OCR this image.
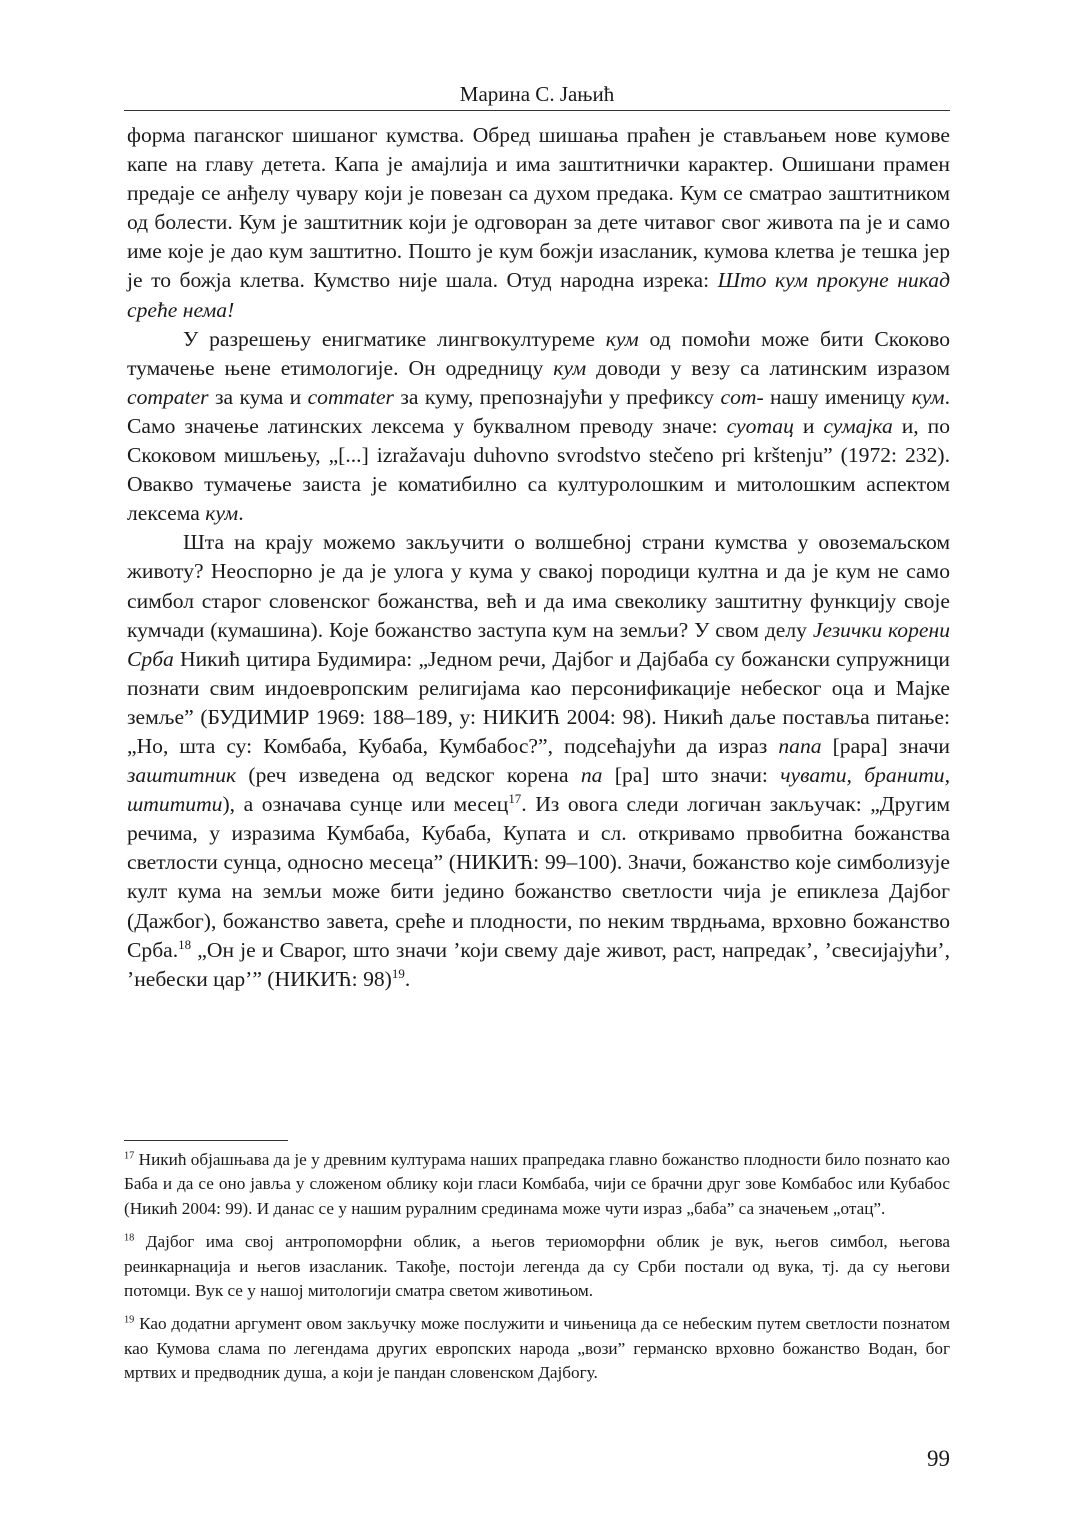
Марина С. Јањић

форма паганског шишаног кумства. Обред шишања праћен је стављањем нове кумове капе на главу детета. Капа је амајлија и има заштитнички карактер. Ошишани прамен предаје се анђелу чувару који је повезан са духом предака. Кум се сматрао заштитником од болести. Кум је заштитник који је одговоран за дете читавог свог живота па је и само име које је дао кум заштитно. Пошто је кум божји изасланик, кумова клетва је тешка јер је то божја клетва. Кумство није шала. Отуд народна изрека: Што кум прокуне никад среће нема!

У разрешењу енигматике лингвокултуреме кум од помоћи може бити Скоково тумачење њене етимологије. Он одредницу кум доводи у везу са латинским изразом compater за кума и commater за куму, препознајући у префиксу com- нашу именицу кум. Само значење латинских лексема у буквалном преводу значе: суотац и сумајка и, по Скоковом мишљењу, „[...] izražavaju duhovno svrodstvo stečeno pri krštenju” (1972: 232). Овакво тумачење заиста је коматибилно са културолошким и митолошким аспектом лексема кум.

Шта на крају можемо закључити о волшебној страни кумства у овоземаљском животу? Неоспорно је да је улога у кума у свакој породици култна и да је кум не само симбол старог словенског божанства, већ и да има свеколику заштитну функцију своје кумчади (кумашина). Које божанство заступа кум на земљи? У свом делу Језички корени Срба Никић цитира Будимира: „Једном речи, Дајбог и Дајбаба су божански супружници познати свим индоевропским религијама као персонификације небеског оца и Мајке земље” (БУДИМИР 1969: 188–189, у: НИКИЋ 2004: 98). Никић даље поставља питање: „Но, шта су: Комбаба, Кубаба, Кумбабос?”, подсећајући да израз папа [papa] значи заштитник (реч изведена од ведског корена па [pa] што значи: чувати, бранити, штитити), а означава сунце или месец$^{17}$. Из овога следи логичан закључак: „Другим речима, у изразима Кумбаба, Кубаба, Купата и сл. откривамо првобитна божанства светлости сунца, односно месеца” (НИКИЋ: 99–100). Значи, божанство које симболизује култ кума на земљи може бити једино божанство светлости чија је епиклеза Дајбог (Дажбог), божанство завета, среће и плодности, по неким тврдњама, врховно божанство Срба.$^{18}$ „Он је и Сварог, што значи ’који свему даје живот, раст, напредак’, ’свесијајући’, ’небески цар’” (НИКИЋ: 98)$^{19}$.

$^{17}$ Никић објашњава да је у древним културама наших прапредака главно божанство плодности било познато као Баба и да се оно јавља у сложеном облику који гласи Комбаба, чији се брачни друг зове Комбабос или Кубабос (Никић 2004: 99). И данас се у нашим руралним срединама може чути израз „баба” са значењем „отац”.

$^{18}$ Дајбог има свој антропоморфни облик, а његов териоморфни облик је вук, његов симбол, његова реинкарнација и његов изасланик. Такође, постоји легенда да су Срби постали од вука, тј. да су његови потомци. Вук се у нашој митологији сматра светом животињом.

$^{19}$ Као додатни аргумент овом закључку може послужити и чињеница да се небеским путем светлости познатом као Кумова слама по легендама других европских народа „вози” германско врховно божанство Водан, бог мртвих и предводник душа, а који је пандан словенском Дајбогу.

99
